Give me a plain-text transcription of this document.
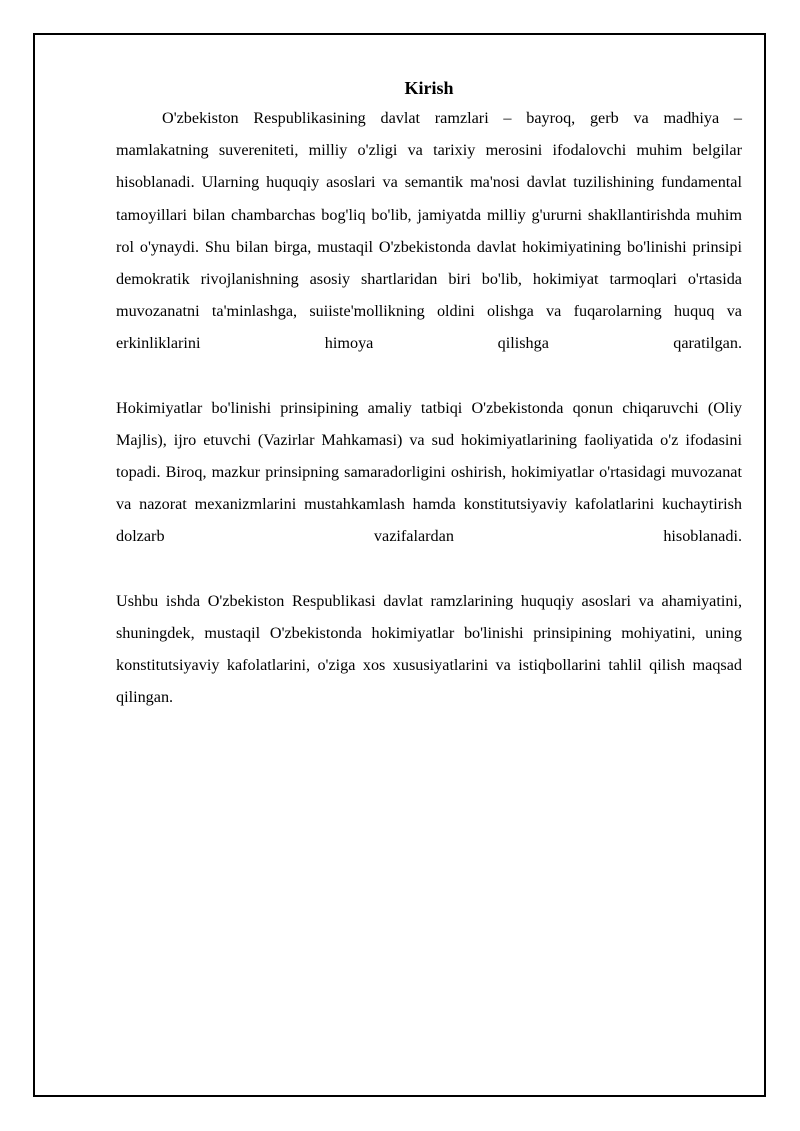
Kirish

O'zbekiston Respublikasining davlat ramzlari – bayroq, gerb va madhiya – mamlakatning suvereniteti, milliy o'zligi va tarixiy merosini ifodalovchi muhim belgilar hisoblanadi. Ularning huquqiy asoslari va semantik ma'nosi davlat tuzilishining fundamental tamoyillari bilan chambarchas bog'liq bo'lib, jamiyatda milliy g'ururni shakllantirishda muhim rol o'ynaydi. Shu bilan birga, mustaqil O'zbekistonda davlat hokimiyatining bo'linishi prinsipi demokratik rivojlanishning asosiy shartlaridan biri bo'lib, hokimiyat tarmoqlari o'rtasida muvozanatni ta'minlashga, suiiste'mollikning oldini olishga va fuqarolarning huquq va erkinliklarini himoya qilishga qaratilgan.

Hokimiyatlar bo'linishi prinsipining amaliy tatbiqi O'zbekistonda qonun chiqaruvchi (Oliy Majlis), ijro etuvchi (Vazirlar Mahkamasi) va sud hokimiyatlarining faoliyatida o'z ifodasini topadi. Biroq, mazkur prinsipning samaradorligini oshirish, hokimiyatlar o'rtasidagi muvozanat va nazorat mexanizmlarini mustahkamlash hamda konstitutsiyaviy kafolatlarini kuchaytirish dolzarb vazifalardan hisoblanadi.

Ushbu ishda O'zbekiston Respublikasi davlat ramzlarining huquqiy asoslari va ahamiyatini, shuningdek, mustaqil O'zbekistonda hokimiyatlar bo'linishi prinsipining mohiyatini, uning konstitutsiyaviy kafolatlarini, o'ziga xos xususiyatlarini va istiqbollarini tahlil qilish maqsad qilingan.
